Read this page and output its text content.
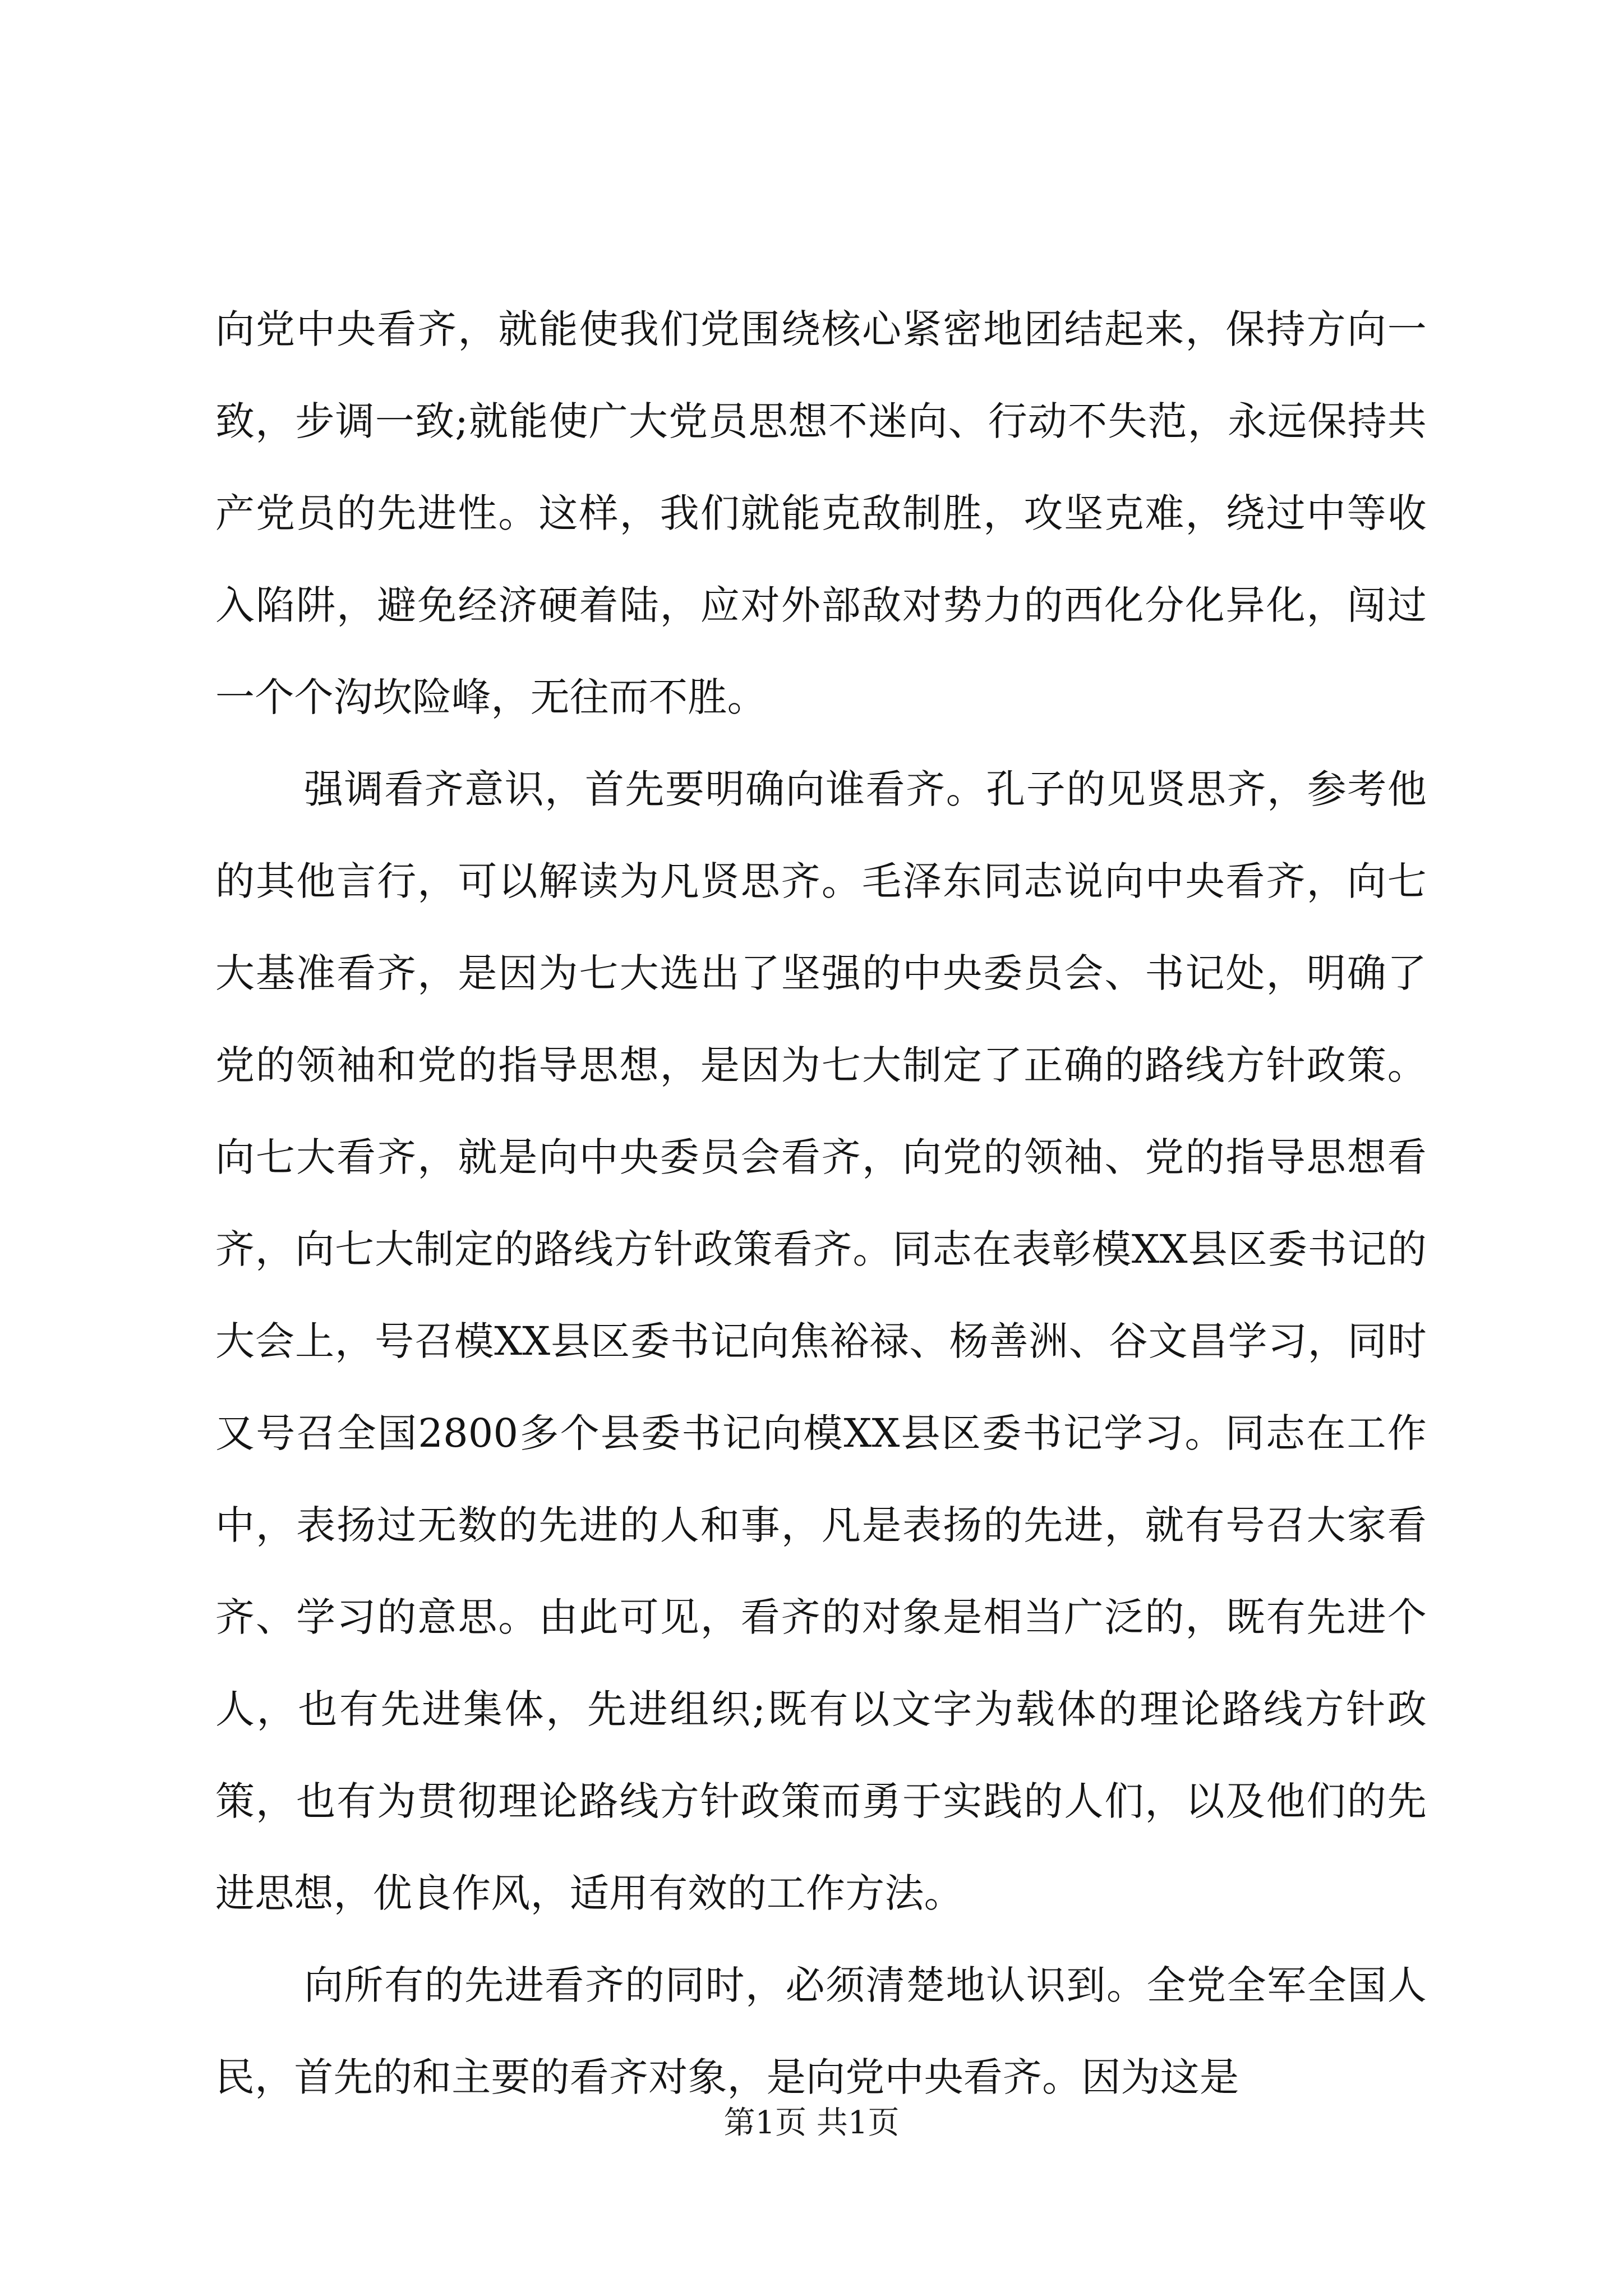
向党中央看齐，就能使我们党围绕核心紧密地团结起来，保持方向一致，步调一致;就能使广大党员思想不迷向、行动不失范，永远保持共产党员的先进性。这样，我们就能克敌制胜，攻坚克难，绕过中等收入陷阱，避免经济硬着陆，应对外部敌对势力的西化分化异化，闯过一个个沟坎险峰，无往而不胜。

强调看齐意识，首先要明确向谁看齐。孔子的见贤思齐，参考他的其他言行，可以解读为凡贤思齐。毛泽东同志说向中央看齐，向七大基准看齐，是因为七大选出了坚强的中央委员会、书记处，明确了党的领袖和党的指导思想，是因为七大制定了正确的路线方针政策。向七大看齐，就是向中央委员会看齐，向党的领袖、党的指导思想看齐，向七大制定的路线方针政策看齐。同志在表彰模XX县区委书记的大会上，号召模XX县区委书记向焦裕禄、杨善洲、谷文昌学习，同时又号召全国2800多个县委书记向模XX县区委书记学习。同志在工作中，表扬过无数的先进的人和事，凡是表扬的先进，就有号召大家看齐、学习的意思。由此可见，看齐的对象是相当广泛的，既有先进个人，也有先进集体，先进组织;既有以文字为载体的理论路线方针政策，也有为贯彻理论路线方针政策而勇于实践的人们，以及他们的先进思想，优良作风，适用有效的工作方法。

向所有的先进看齐的同时，必须清楚地认识到。全党全军全国人民，首先的和主要的看齐对象，是向党中央看齐。因为这是

第1页 共1页
